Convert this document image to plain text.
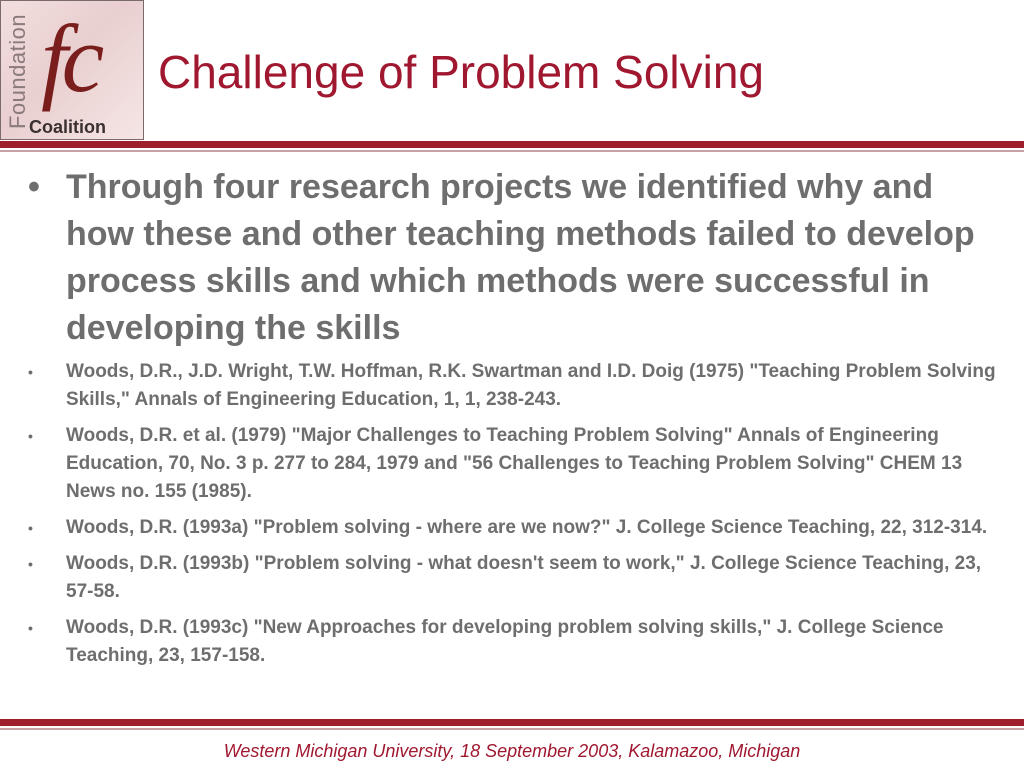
Foundation fc
Coalition
Challenge of Problem Solving
• Through four research projects we identified why and how these and other teaching methods failed to develop process skills and which methods were successful in developing the skills
•	Woods, D.R., J.D. Wright, T.W. Hoffman, R.K. Swartman and I.D. Doig (1975) "Teaching Problem Solving Skills," Annals of Engineering Education, 1, 1, 238-243.
•	Woods, D.R. et al. (1979) "Major Challenges to Teaching Problem Solving" Annals of Engineering Education, 70, No. 3 p. 277 to 284, 1979 and "56 Challenges to Teaching Problem Solving" CHEM 13 News no. 155 (1985).
•	Woods, D.R. (1993a) "Problem solving - where are we now?" J. College Science Teaching, 22, 312-314.
•	Woods, D.R. (1993b) "Problem solving - what doesn't seem to work," J. College Science Teaching, 23, 57-58.
•	Woods, D.R. (1993c) "New Approaches for developing problem solving skills," J. College Science Teaching, 23, 157-158.
Western Michigan University, 18 September 2003, Kalamazoo, Michigan
